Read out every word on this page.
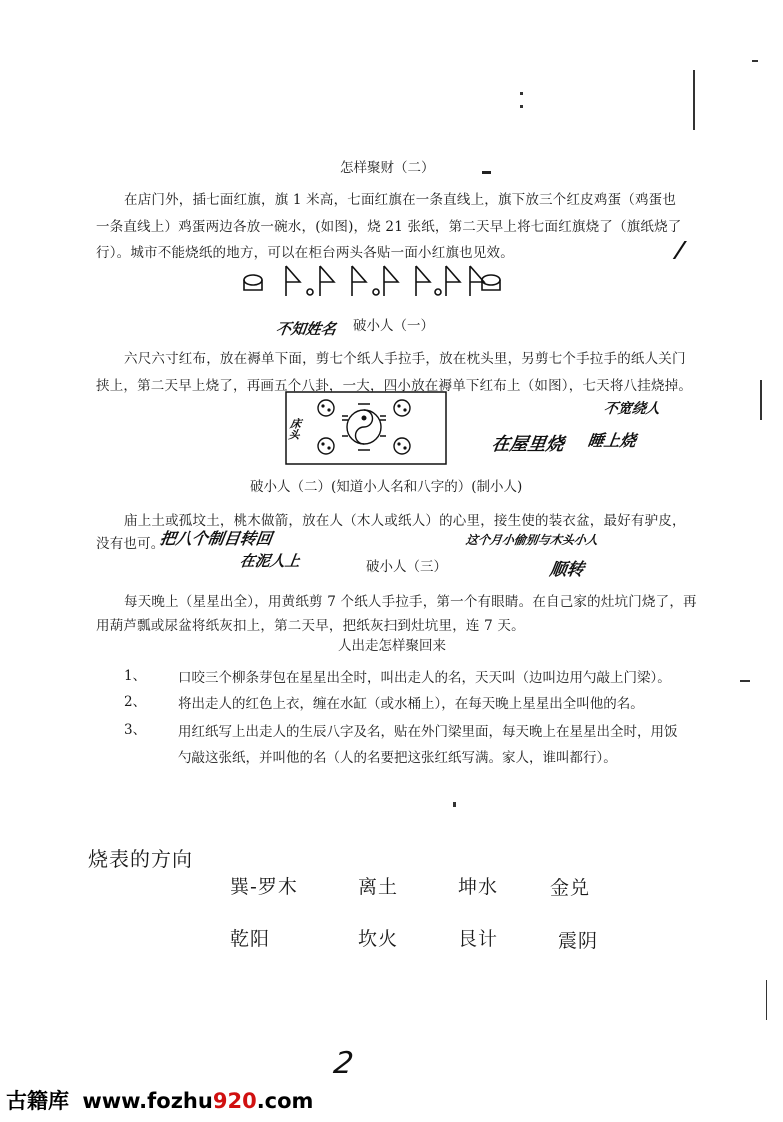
怎样聚财（二）
在店门外，插七面红旗，旗 1 米高，七面红旗在一条直线上，旗下放三个红皮鸡蛋（鸡蛋也
一条直线上）鸡蛋两边各放一碗水，(如图)，烧 21 张纸，第二天早上将七面红旗烧了（旗纸烧了
行）。城市不能烧纸的地方，可以在柜台两头各贴一面小红旗也见效。	/
不知姓名 破小人（一）
六尺六寸红布，放在褥单下面，剪七个纸人手拉手，放在枕头里，另剪七个手拉手的纸人关门
挟上，第二天早上烧了，再画五个八卦，一大，四小放在褥单下红布上（如图），七天将八挂烧掉。
床头
不宽绕人
在屋里烧 睡上烧
破小人（二）(知道小人名和八字的）(制小人)
庙上土或孤坟土，桃木做箭，放在人（木人或纸人）的心里，接生使的装衣盆，最好有驴皮，
没有也可。
把八个制目转回
在泥人上
这个月小偷别与木头小人
顺转
破小人（三）
每天晚上（星星出全），用黄纸剪 7 个纸人手拉手，第一个有眼睛。在自己家的灶坑门烧了，再
用葫芦瓢或尿盆将纸灰扣上，第二天早，把纸灰扫到灶坑里，连 7 天。
人出走怎样聚回来
1、 口咬三个柳条芽包在星星出全时，叫出走人的名，天天叫（边叫边用勺敲上门梁）。
2、 将出走人的红色上衣，缠在水缸（或水桶上），在每天晚上星星出全叫他的名。
3、 用红纸写上出走人的生辰八字及名，贴在外门梁里面，每天晚上在星星出全时，用饭
勺敲这张纸，并叫他的名（人的名要把这张红纸写满。家人，谁叫都行）。
烧表的方向
巽-罗木	离土	坤水	金兑
乾阳	坎火	艮计	震阴
2
古籍库 www.fozhu920.com
